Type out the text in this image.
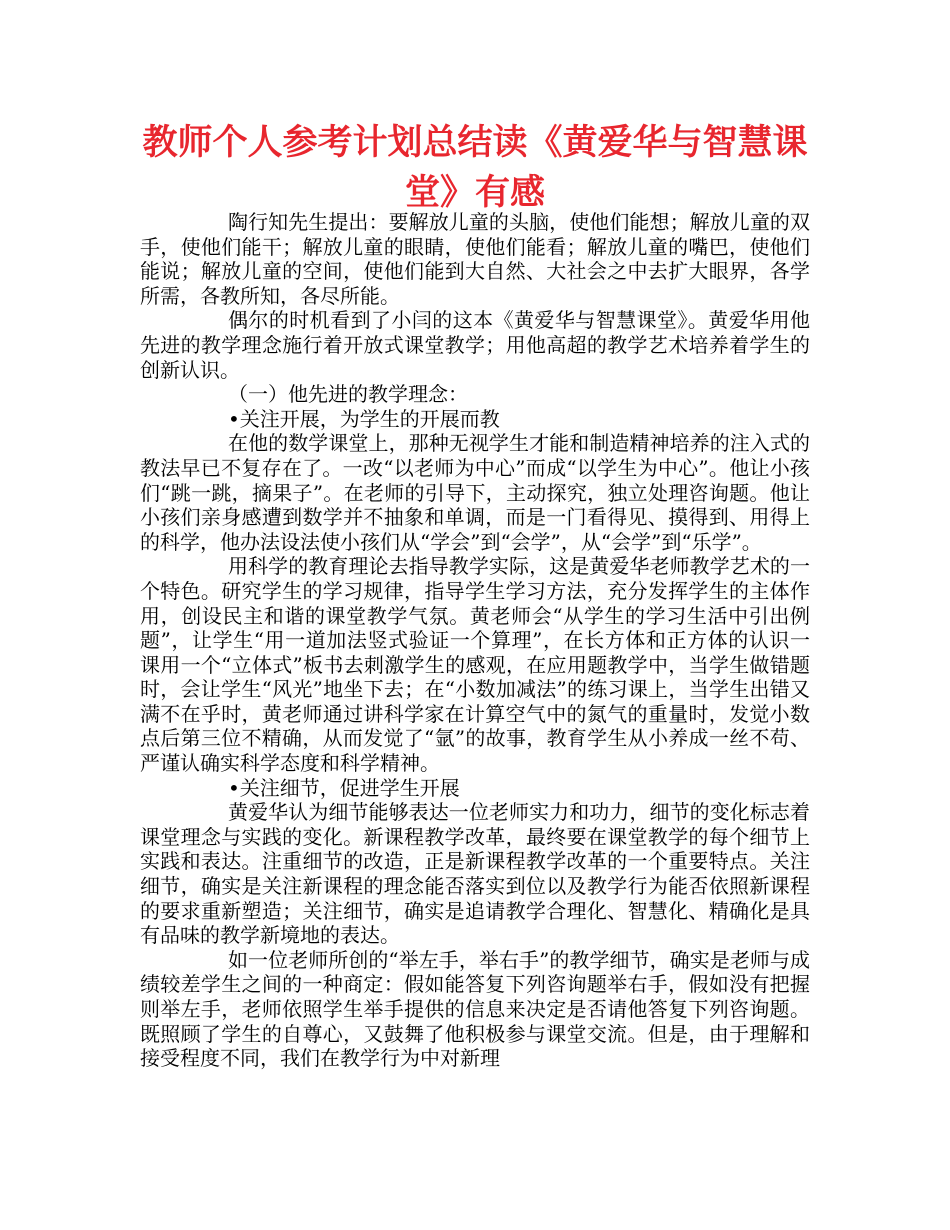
教师个人参考计划总结读《黄爱华与智慧课堂》有感

陶行知先生提出：要解放儿童的头脑，使他们能想；解放儿童的双手，使他们能干；解放儿童的眼睛，使他们能看；解放儿童的嘴巴，使他们能说；解放儿童的空间，使他们能到大自然、大社会之中去扩大眼界，各学所需，各教所知，各尽所能。

偶尔的时机看到了小闫的这本《黄爱华与智慧课堂》。黄爱华用他先进的教学理念施行着开放式课堂教学；用他高超的教学艺术培养着学生的创新认识。

（一）他先进的教学理念：

•关注开展，为学生的开展而教

在他的数学课堂上，那种无视学生才能和制造精神培养的注入式的教法早已不复存在了。一改“以老师为中心”而成“以学生为中心”。他让小孩们“跳一跳，摘果子”。在老师的引导下，主动探究，独立处理咨询题。他让小孩们亲身感遭到数学并不抽象和单调，而是一门看得见、摸得到、用得上的科学，他办法设法使小孩们从“学会”到“会学”，从“会学”到“乐学”。

用科学的教育理论去指导教学实际，这是黄爱华老师教学艺术的一个特色。研究学生的学习规律，指导学生学习方法，充分发挥学生的主体作用，创设民主和谐的课堂教学气氛。黄老师会“从学生的学习生活中引出例题”，让学生“用一道加法竖式验证一个算理”，在长方体和正方体的认识一课用一个“立体式”板书去刺激学生的感观，在应用题教学中，当学生做错题时，会让学生“风光”地坐下去；在“小数加减法”的练习课上，当学生出错又满不在乎时，黄老师通过讲科学家在计算空气中的氮气的重量时，发觉小数点后第三位不精确，从而发觉了“氩”的故事，教育学生从小养成一丝不苟、严谨认确实科学态度和科学精神。

•关注细节，促进学生开展

黄爱华认为细节能够表达一位老师实力和功力，细节的变化标志着课堂理念与实践的变化。新课程教学改革，最终要在课堂教学的每个细节上实践和表达。注重细节的改造，正是新课程教学改革的一个重要特点。关注细节，确实是关注新课程的理念能否落实到位以及教学行为能否依照新课程的要求重新塑造；关注细节，确实是追请教学合理化、智慧化、精确化是具有品味的教学新境地的表达。

如一位老师所创的“举左手，举右手”的教学细节，确实是老师与成绩较差学生之间的一种商定：假如能答复下列咨询题举右手，假如没有把握则举左手，老师依照学生举手提供的信息来决定是否请他答复下列咨询题。既照顾了学生的自尊心，又鼓舞了他积极参与课堂交流。但是，由于理解和接受程度不同，我们在教学行为中对新理
